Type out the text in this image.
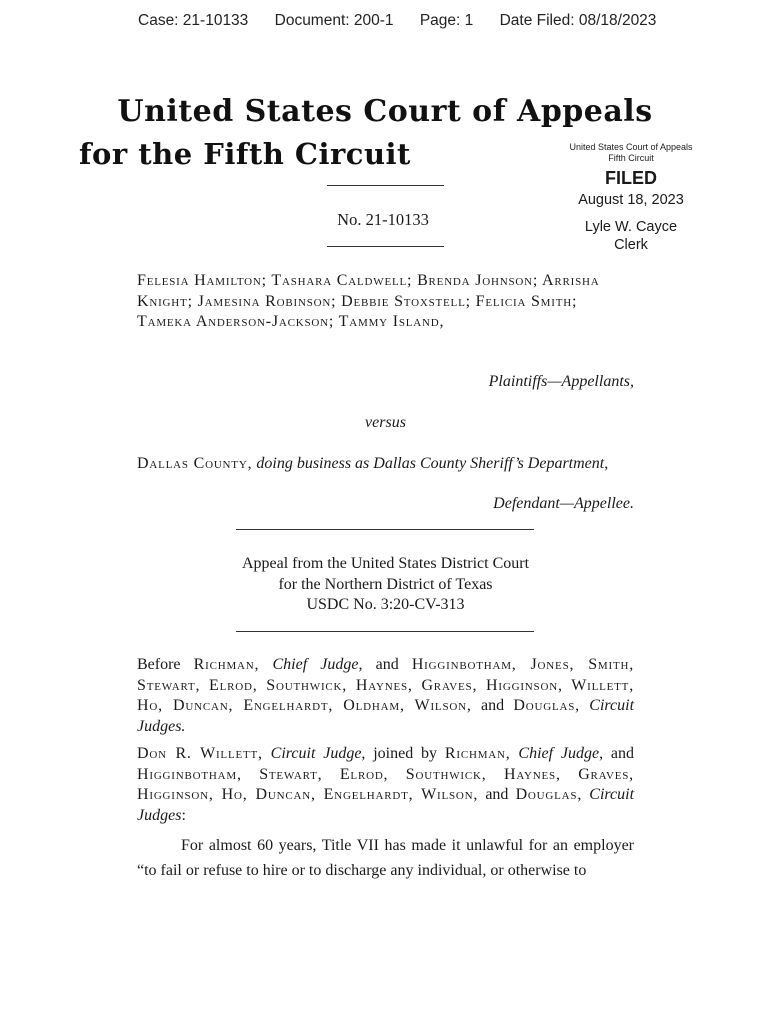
Case: 21-10133 Document: 200-1 Page: 1 Date Filed: 08/18/2023
United States Court of Appeals
for the Fifth Circuit
No. 21-10133
United States Court of Appeals
Fifth Circuit
FILED
August 18, 2023
Lyle W. Cayce
Clerk

Felesia Hamilton; Tashara Caldwell; Brenda Johnson; Arrisha Knight; Jamesina Robinson; Debbie Stoxstell; Felicia Smith; Tameka Anderson-Jackson; Tammy Island,

Plaintiffs—Appellants,
versus
Dallas County, doing business as Dallas County Sheriff’s Department,
Defendant—Appellee.
Appeal from the United States District Court
for the Northern District of Texas
USDC No. 3:20-CV-313

Before Richman, Chief Judge, and Higginbotham, Jones, Smith, Stewart, Elrod, Southwick, Haynes, Graves, Higginson, Willett, Ho, Duncan, Engelhardt, Oldham, Wilson, and Douglas, Circuit Judges.

Don R. Willett, Circuit Judge, joined by Richman, Chief Judge, and Higginbotham, Stewart, Elrod, Southwick, Haynes, Graves, Higginson, Ho, Duncan, Engelhardt, Wilson, and Douglas, Circuit Judges:

For almost 60 years, Title VII has made it unlawful for an employer “to fail or refuse to hire or to discharge any individual, or otherwise to
